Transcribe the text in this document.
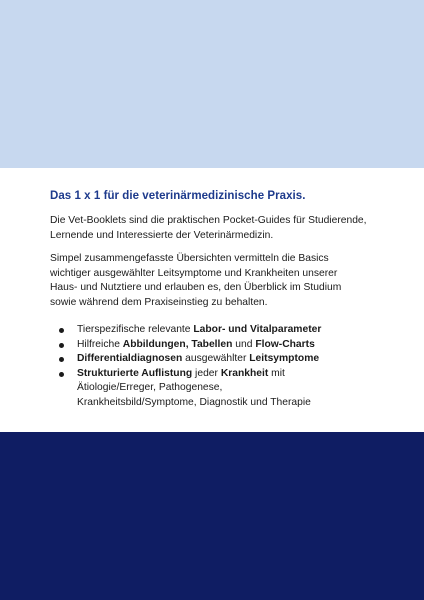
Das 1 x 1 für die veterinärmedizinische Praxis.
Die Vet-Booklets sind die praktischen Pocket-Guides für Studierende, Lernende und Interessierte der Veterinärmedizin.
Simpel zusammengefasste Übersichten vermitteln die Basics
wichtiger ausgewählter Leitsymptome und Krankheiten unserer
Haus- und Nutztiere und erlauben es, den Überblick im Studium
sowie während dem Praxiseinstieg zu behalten.
Tierspezifische relevante Labor- und Vitalparameter
Hilfreiche Abbildungen, Tabellen und Flow-Charts
Differentialdiagnosen ausgewählter Leitsymptome
Strukturierte Auflistung jeder Krankheit mit
Ätiologie/Erreger, Pathogenese,
Krankheitsbild/Symptome, Diagnostik und Therapie
